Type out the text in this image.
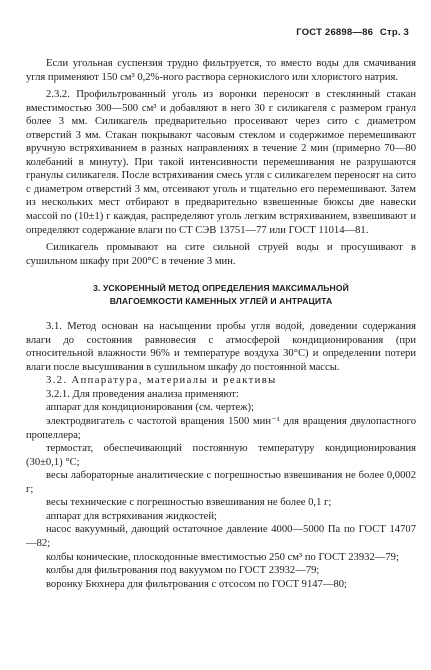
ГОСТ 26898—86 Стр. 3

Если угольная суспензия трудно фильтруется, то вместо воды для смачивания угля применяют 150 см³ 0,2%-ного раствора сернокислого или хлористого натрия.

2.3.2. Профильтрованный уголь из воронки переносят в стеклянный стакан вместимостью 300—500 см³ и добавляют в него 30 г силикагеля с размером гранул более 3 мм. Силикагель предварительно просеивают через сито с диаметром отверстий 3 мм. Стакан покрывают часовым стеклом и содержимое перемешивают вручную встряхиванием в разных направлениях в течение 2 мин (примерно 70—80 колебаний в минуту). При такой интенсивности перемешивания не разрушаются гранулы силикагеля. После встряхивания смесь угля с силикагелем переносят на сито с диаметром отверстий 3 мм, отсеивают уголь и тщательно его перемешивают. Затем из нескольких мест отбирают в предварительно взвешенные бюксы две навески массой по (10±1) г каждая, распределяют уголь легким встряхиванием, взвешивают и определяют содержание влаги по СТ СЭВ 13751—77 или ГОСТ 11014—81.

Силикагель промывают на сите сильной струей воды и просушивают в сушильном шкафу при 200°С в течение 3 мин.

3. УСКОРЕННЫЙ МЕТОД ОПРЕДЕЛЕНИЯ МАКСИМАЛЬНОЙ
ВЛАГОЕМКОСТИ КАМЕННЫХ УГЛЕЙ И АНТРАЦИТА

3.1. Метод основан на насыщении пробы угля водой, доведении содержания влаги до состояния равновесия с атмосферой кондиционирования (при относительной влажности 96% и температуре воздуха 30°С) и определении потери влаги после высушивания в сушильном шкафу до постоянной массы.

3.2. Аппаратура, материалы и реактивы

3.2.1. Для проведения анализа применяют:

аппарат для кондиционирования (см. чертеж);

электродвигатель с частотой вращения 1500 мин⁻¹ для вращения двулопастного пропеллера;

термостат, обеспечивающий постоянную температуру кондиционирования (30±0,1) °С;

весы лабораторные аналитические с погрешностью взвешивания не более 0,0002 г;

весы технические с погрешностью взвешивания не более 0,1 г;

аппарат для встряхивания жидкостей;

насос вакуумный, дающий остаточное давление 4000—5000 Па по ГОСТ 14707—82;

колбы конические, плоскодонные вместимостью 250 см³ по ГОСТ 23932—79;

колбы для фильтрования под вакуумом по ГОСТ 23932—79;

воронку Бюхнера для фильтрования с отсосом по ГОСТ 9147—80;
